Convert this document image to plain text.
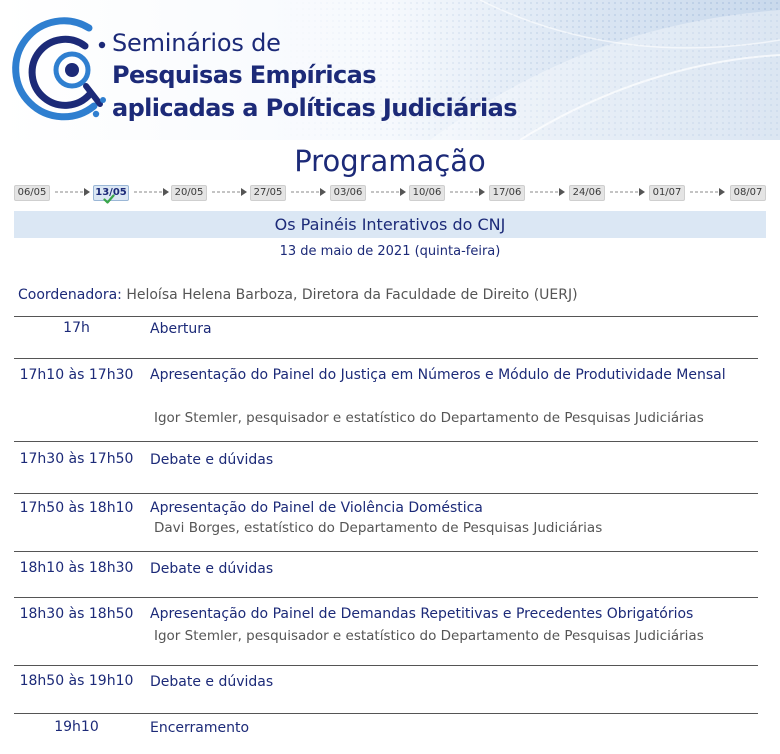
Seminários de
Pesquisas Empíricas
aplicadas a Políticas Judiciárias
Programação
06/05	13/05	20/05	27/05	03/06	10/06	17/06	24/06	01/07	08/07
Os Painéis Interativos do CNJ
13 de maio de 2021 (quinta-feira)
Coordenadora: Heloísa Helena Barboza, Diretora da Faculdade de Direito (UERJ)
17h	Abertura
17h10 às 17h30	Apresentação do Painel do Justiça em Números e Módulo de Produtividade Mensal
Igor Stemler, pesquisador e estatístico do Departamento de Pesquisas Judiciárias
17h30 às 17h50	Debate e dúvidas
17h50 às 18h10	Apresentação do Painel de Violência Doméstica
Davi Borges, estatístico do Departamento de Pesquisas Judiciárias
18h10 às 18h30	Debate e dúvidas
18h30 às 18h50	Apresentação do Painel de Demandas Repetitivas e Precedentes Obrigatórios
Igor Stemler, pesquisador e estatístico do Departamento de Pesquisas Judiciárias
18h50 às 19h10	Debate e dúvidas
19h10	Encerramento
